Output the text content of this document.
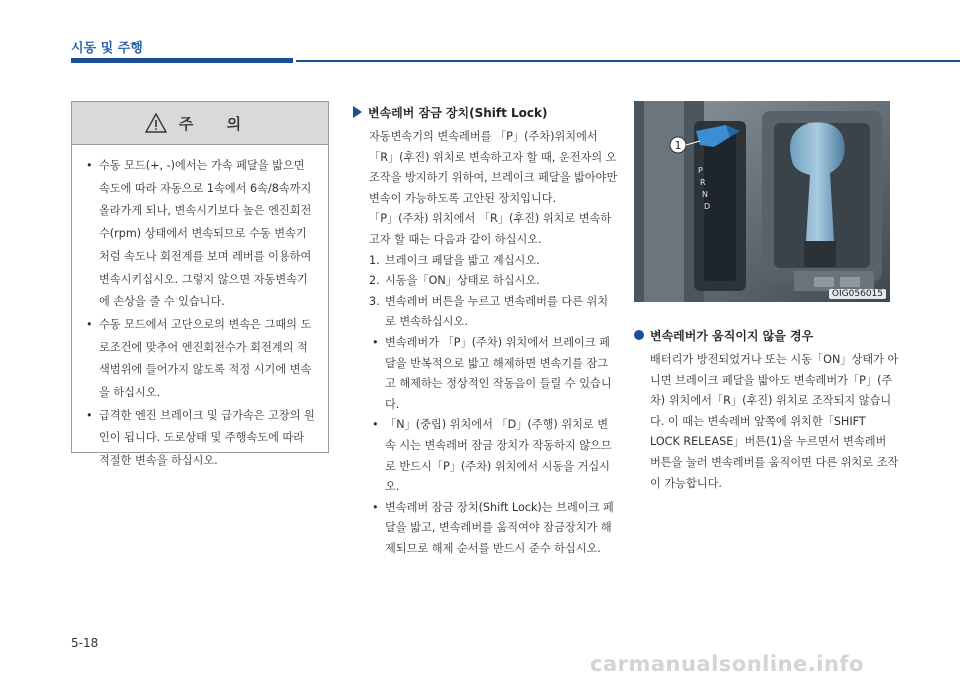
시동 및 주행
주 의
• 수동 모드(+, -)에서는 가속 페달을 밟으면 속도에 따라 자동으로 1속에서 6속/8속까지 올라가게 되나, 변속시기보다 높은 엔진회전수(rpm) 상태에서 변속되므로 수동 변속기 처럼 속도나 회전계를 보며 레버를 이용하여 변속시키십시오. 그렇지 않으면 자동변속기에 손상을 줄 수 있습니다.
• 수동 모드에서 고단으로의 변속은 그때의 도로조건에 맞추어 엔진회전수가 회전계의 적색범위에 들어가지 않도록 적정 시기에 변속을 하십시오.
• 급격한 엔진 브레이크 및 급가속은 고장의 원인이 됩니다. 도로상태 및 주행속도에 따라 적절한 변속을 하십시오.
변속레버 잠금 장치(Shift Lock)

자동변속기의 변속레버를 「P」(주차)위치에서 「R」(후진) 위치로 변속하고자 할 때, 운전자의 오조작을 방지하기 위하여, 브레이크 페달을 밟아야만 변속이 가능하도록 고안된 장치입니다.

「P」(주차) 위치에서 「R」(후진) 위치로 변속하고자 할 때는 다음과 같이 하십시오.

1. 브레이크 페달을 밟고 계십시오.
2. 시동을「ON」상태로 하십시오.
3. 변속레버 버튼을 누르고 변속레버를 다른 위치로 변속하십시오.
• 변속레버가 「P」(주차) 위치에서 브레이크 페달을 반복적으로 밟고 해제하면 변속기를 잠그고 해제하는 정상적인 작동음이 들릴 수 있습니다.
• 「N」(중립) 위치에서 「D」(주행) 위치로 변속 시는 변속레버 잠금 장치가 작동하지 않으므로 반드시「P」(주차) 위치에서 시동을 거십시오.
• 변속레버 잠금 장치(Shift Lock)는 브레이크 페달을 밟고, 변속레버를 움직여야 잠금장치가 해제되므로 해제 순서를 반드시 준수 하십시오.
1
P
R
N
D
OIG056015
변속레버가 움직이지 않을 경우

배터리가 방전되었거나 또는 시동「ON」상태가 아니면 브레이크 페달을 밟아도 변속레버가「P」(주차) 위치에서「R」(후진) 위치로 조작되지 않습니다. 이 때는 변속레버 앞쪽에 위치한「SHIFT LOCK RELEASE」버튼(1)을 누르면서 변속레버 버튼을 눌러 변속레버를 움직이면 다른 위치로 조작이 가능합니다.

5-18
carmanualsonline.info
